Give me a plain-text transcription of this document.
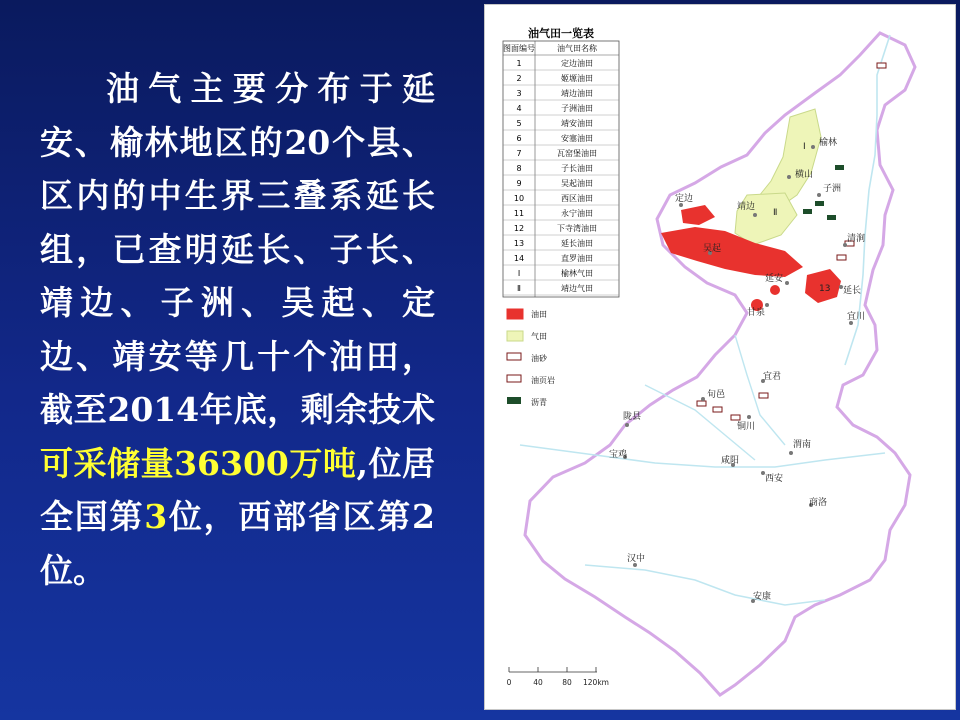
油气主要分布于延安、榆林地区的20个县、区内的中生界三叠系延长组，已查明延长、子长、靖边、子洲、吴起、定边、靖安等几十个油田，截至2014年底，剩余技术可采储量36300万吨,位居全国第3位，西部省区第2位。

Ⅰ
Ⅱ
13
榆林
横山
子洲
靖边
清涧
定边
吴起
延安
延长
甘泉	宜川
铜川
宜君
旬邑
陇县
宝鸡
咸阳
渭南
西安
商洛
汉中
安康
油气田一览表
1	定边油田
2	姬塬油田
3	靖边油田
4	子洲油田
5	靖安油田
6	安塞油田
7	瓦窑堡油田
8	子长油田
9	吴起油田
10	西区油田
11	永宁油田
12	下寺湾油田
13	延长油田
14	直罗油田
Ⅰ	榆林气田
Ⅱ	靖边气田
图面编号	油气田名称
油田
气田
油砂
油页岩
沥青
0	40	80 120km
